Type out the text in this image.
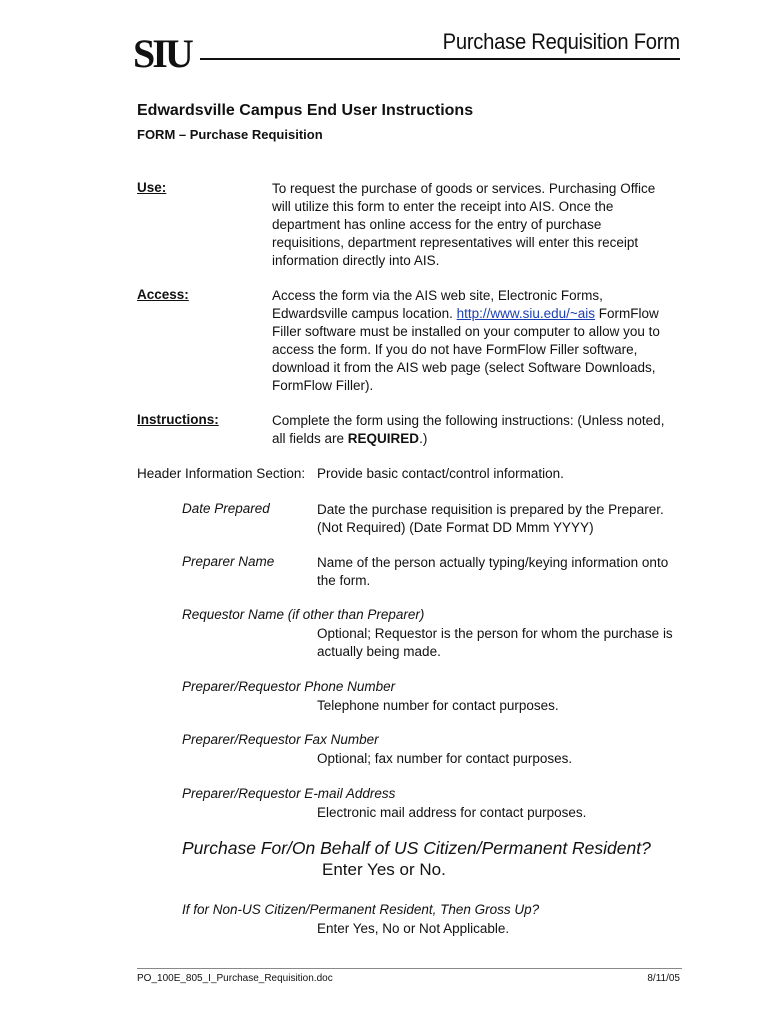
SIU	Purchase Requisition Form
Edwardsville Campus End User Instructions
FORM – Purchase Requisition
Use:	To request the purchase of goods or services. Purchasing Office will utilize this form to enter the receipt into AIS. Once the department has online access for the entry of purchase requisitions, department representatives will enter this receipt information directly into AIS.
Access:	Access the form via the AIS web site, Electronic Forms, Edwardsville campus location. http://www.siu.edu/~ais FormFlow Filler software must be installed on your computer to allow you to access the form. If you do not have FormFlow Filler software, download it from the AIS web page (select Software Downloads, FormFlow Filler).
Instructions:	Complete the form using the following instructions: (Unless noted, all fields are REQUIRED.)
Header Information Section: Provide basic contact/control information.
Date Prepared	Date the purchase requisition is prepared by the Preparer. (Not Required) (Date Format DD Mmm YYYY)
Preparer Name	Name of the person actually typing/keying information onto the form.
Requestor Name (if other than Preparer)
Optional; Requestor is the person for whom the purchase is actually being made.
Preparer/Requestor Phone Number
Telephone number for contact purposes.
Preparer/Requestor Fax Number
Optional; fax number for contact purposes.
Preparer/Requestor E-mail Address
Electronic mail address for contact purposes.
Purchase For/On Behalf of US Citizen/Permanent Resident?
Enter Yes or No.
If for Non-US Citizen/Permanent Resident, Then Gross Up?
Enter Yes, No or Not Applicable.
PO_100E_805_I_Purchase_Requisition.doc	8/11/05
